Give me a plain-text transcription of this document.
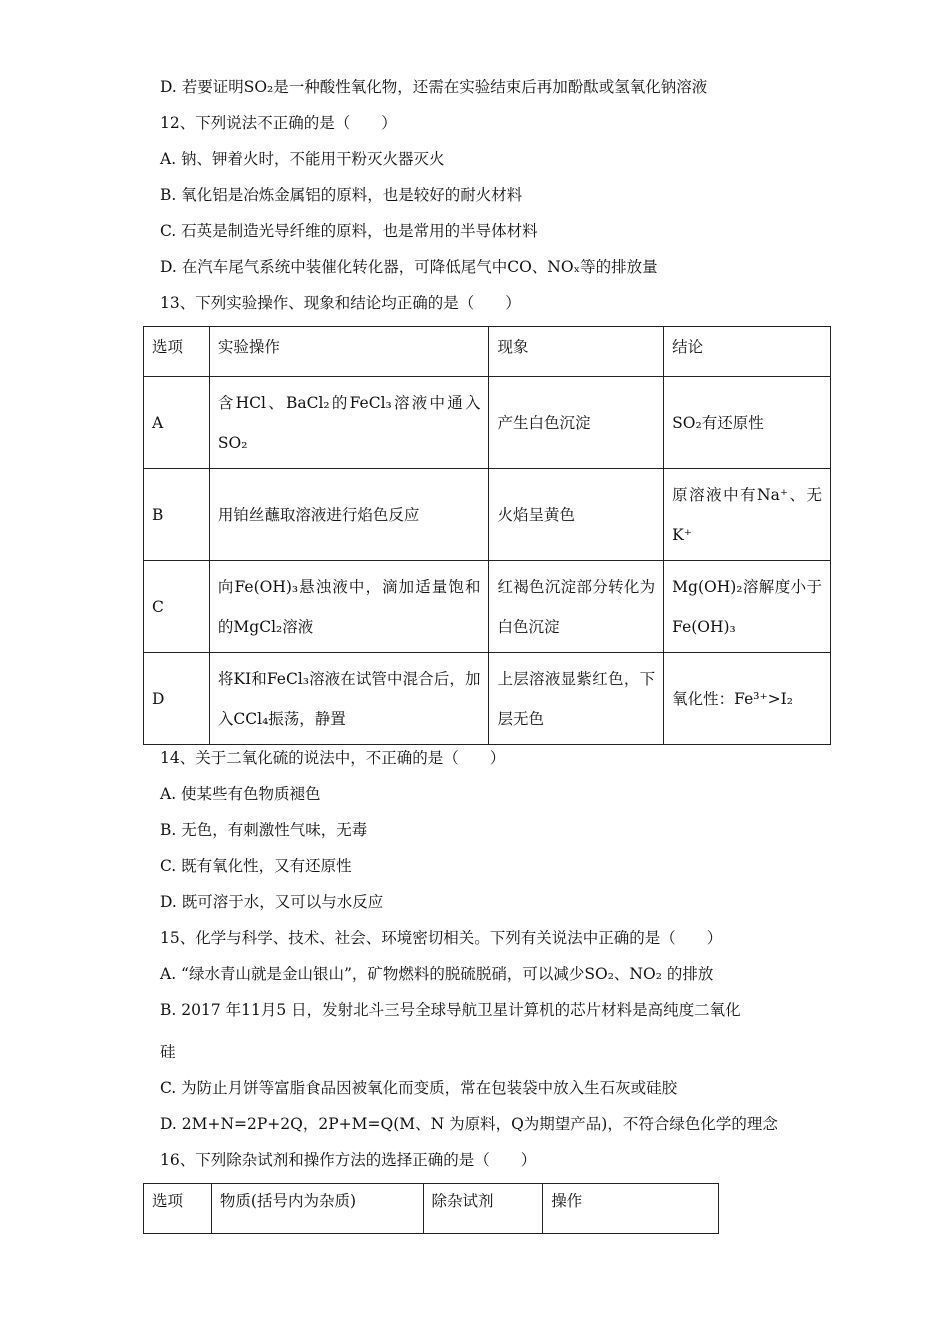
D. 若要证明SO₂是一种酸性氧化物，还需在实验结束后再加酚酞或氢氧化钠溶液
12、下列说法不正确的是（　　）
A. 钠、钾着火时，不能用干粉灭火器灭火
B. 氧化铝是冶炼金属铝的原料，也是较好的耐火材料
C. 石英是制造光导纤维的原料，也是常用的半导体材料
D. 在汽车尾气系统中装催化转化器，可降低尾气中CO、NOₓ等的排放量
13、下列实验操作、现象和结论均正确的是（　　）
选项	实验操作	现象	结论
A	含HCl、BaCl₂的FeCl₃溶液中通入SO₂	产生白色沉淀	SO₂有还原性
B	用铂丝蘸取溶液进行焰色反应	火焰呈黄色	原溶液中有Na⁺、无K⁺
C	向Fe(OH)₃悬浊液中，滴加适量饱和的MgCl₂溶液	红褐色沉淀部分转化为白色沉淀	Mg(OH)₂溶解度小于Fe(OH)₃
D	将KI和FeCl₃溶液在试管中混合后，加入CCl₄振荡，静置	上层溶液显紫红色，下层无色	氧化性：Fe³⁺>I₂
14、关于二氧化硫的说法中，不正确的是（　　）
A. 使某些有色物质褪色
B. 无色，有刺激性气味，无毒
C. 既有氧化性，又有还原性
D. 既可溶于水，又可以与水反应
15、化学与科学、技术、社会、环境密切相关。下列有关说法中正确的是（　　）
A. “绿水青山就是金山银山”，矿物燃料的脱硫脱硝，可以减少SO₂、NO₂ 的排放
B. 2017 年11月5 日，发射北斗三号全球导航卫星计算机的芯片材料是高纯度二氧化
硅
C. 为防止月饼等富脂食品因被氧化而变质，常在包装袋中放入生石灰或硅胶
D. 2M+N=2P+2Q，2P+M=Q(M、N 为原料，Q为期望产品)，不符合绿色化学的理念
16、下列除杂试剂和操作方法的选择正确的是（　　）
选项	物质(括号内为杂质)	除杂试剂	操作
